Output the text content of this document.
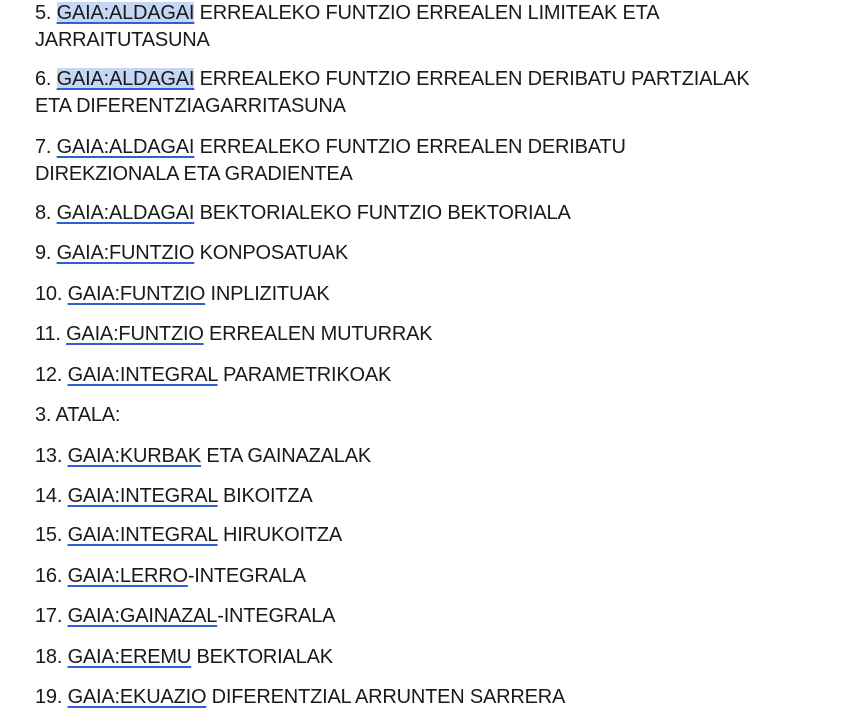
5. GAIA:ALDAGAI ERREALEKO FUNTZIO ERREALEN LIMITEAK ETA
JARRAITUTASUNA
6. GAIA:ALDAGAI ERREALEKO FUNTZIO ERREALEN DERIBATU PARTZIALAK
ETA DIFERENTZIAGARRITASUNA
7. GAIA:ALDAGAI ERREALEKO FUNTZIO ERREALEN DERIBATU
DIREKZIONALA ETA GRADIENTEA
8. GAIA:ALDAGAI BEKTORIALEKO FUNTZIO BEKTORIALA
9. GAIA:FUNTZIO KONPOSATUAK
10. GAIA:FUNTZIO INPLIZITUAK
11. GAIA:FUNTZIO ERREALEN MUTURRAK
12. GAIA:INTEGRAL PARAMETRIKOAK
3. ATALA:
13. GAIA:KURBAK ETA GAINAZALAK
14. GAIA:INTEGRAL BIKOITZA
15. GAIA:INTEGRAL HIRUKOITZA
16. GAIA:LERRO-INTEGRALA
17. GAIA:GAINAZAL-INTEGRALA
18. GAIA:EREMU BEKTORIALAK
19. GAIA:EKUAZIO DIFERENTZIAL ARRUNTEN SARRERA
